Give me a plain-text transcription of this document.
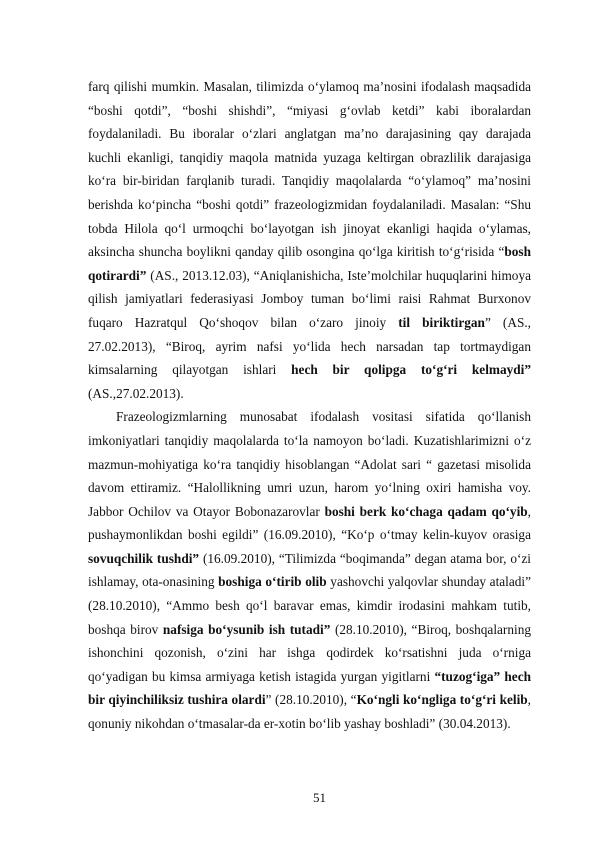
farq qilishi mumkin. Masalan, tilimizda o‘ylamoq ma’nosini ifodalash maqsadida “boshi qotdi”, “boshi shishdi”, “miyasi g‘ovlab ketdi” kabi iboralardan foydalaniladi. Bu iboralar o‘zlari anglatgan ma’no darajasining qay darajada kuchli ekanligi, tanqidiy maqola matnida yuzaga keltirgan obrazlilik darajasiga ko‘ra bir-biridan farqlanib turadi. Tanqidiy maqolalarda “o‘ylamoq” ma’nosini berishda ko‘pincha “boshi qotdi” frazeologizmidan foydalaniladi. Masalan: “Shu tobda Hilola qo‘l urmoqchi bo‘layotgan ish jinoyat ekanligi haqida o‘ylamas, aksincha shuncha boylikni qanday qilib osongina qo‘lga kiritish to‘g‘risida “bosh qotirardi” (AS., 2013.12.03), “Aniqlanishicha, Iste’molchilar huquqlarini himoya qilish jamiyatlari federasiyasi Jomboy tuman bo‘limi raisi Rahmat Burxonov fuqaro Hazratqul Qo‘shoqov bilan o‘zaro jinoiy til biriktirgan” (AS., 27.02.2013), “Biroq, ayrim nafsi yo‘lida hech narsadan tap tortmaydigan kimsalarning qilayotgan ishlari hech bir qolipga to‘g‘ri kelmaydi” (AS.,27.02.2013).

Frazeologizmlarning munosabat ifodalash vositasi sifatida qo‘llanish imkoniyatlari tanqidiy maqolalarda to‘la namoyon bo‘ladi. Kuzatishlarimizni o‘z mazmun-mohiyatiga ko‘ra tanqidiy hisoblangan “Adolat sari “ gazetasi misolida davom ettiramiz. “Halollikning umri uzun, harom yo‘lning oxiri hamisha voy. Jabbor Ochilov va Otayor Bobonazarovlar boshi berk ko‘chaga qadam qo‘yib, pushaymonlikdan boshi egildi” (16.09.2010), “Ko‘p o‘tmay kelin-kuyov orasiga sovuqchilik tushdi” (16.09.2010), “Tilimizda “boqimanda” degan atama bor, o‘zi ishlamay, ota-onasining boshiga o‘tirib olib yashovchi yalqovlar shunday ataladi” (28.10.2010), “Ammo besh qo‘l baravar emas, kimdir irodasini mahkam tutib, boshqa birov nafsiga bo‘ysunib ish tutadi” (28.10.2010), “Biroq, boshqalarning ishonchini qozonish, o‘zini har ishga qodirdek ko‘rsatishni juda o‘rniga qo‘yadigan bu kimsa armiyaga ketish istagida yurgan yigitlarni “tuzog‘iga” hech bir qiyinchiliksiz tushira olardi” (28.10.2010), “Ko‘ngli ko‘ngliga to‘g‘ri kelib, qonuniy nikohdan o‘tmasalar-da er-xotin bo‘lib yashay boshladi” (30.04.2013).

51
